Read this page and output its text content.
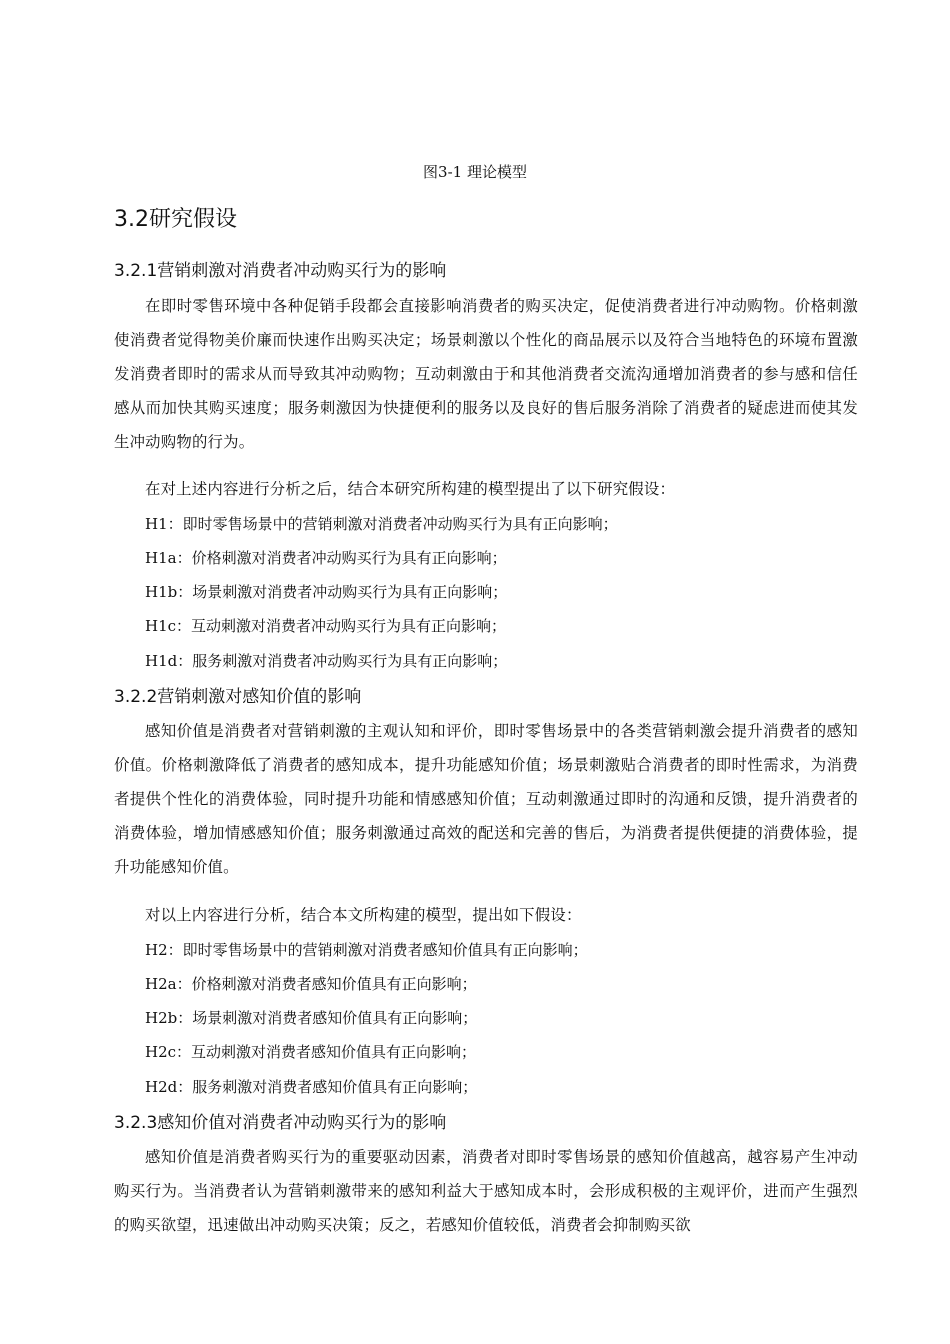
图3-1 理论模型
3.2研究假设
3.2.1营销刺激对消费者冲动购买行为的影响
在即时零售环境中各种促销手段都会直接影响消费者的购买决定，促使消费者进行冲动购物。价格刺激使消费者觉得物美价廉而快速作出购买决定；场景刺激以个性化的商品展示以及符合当地特色的环境布置激发消费者即时的需求从而导致其冲动购物；互动刺激由于和其他消费者交流沟通增加消费者的参与感和信任感从而加快其购买速度；服务刺激因为快捷便利的服务以及良好的售后服务消除了消费者的疑虑进而使其发生冲动购物的行为。
在对上述内容进行分析之后，结合本研究所构建的模型提出了以下研究假设：
H1：即时零售场景中的营销刺激对消费者冲动购买行为具有正向影响；
H1a：价格刺激对消费者冲动购买行为具有正向影响；
H1b：场景刺激对消费者冲动购买行为具有正向影响；
H1c：互动刺激对消费者冲动购买行为具有正向影响；
H1d：服务刺激对消费者冲动购买行为具有正向影响；
3.2.2营销刺激对感知价值的影响
感知价值是消费者对营销刺激的主观认知和评价，即时零售场景中的各类营销刺激会提升消费者的感知价值。价格刺激降低了消费者的感知成本，提升功能感知价值；场景刺激贴合消费者的即时性需求，为消费者提供个性化的消费体验，同时提升功能和情感感知价值；互动刺激通过即时的沟通和反馈，提升消费者的消费体验，增加情感感知价值；服务刺激通过高效的配送和完善的售后，为消费者提供便捷的消费体验，提升功能感知价值。
对以上内容进行分析，结合本文所构建的模型，提出如下假设：
H2：即时零售场景中的营销刺激对消费者感知价值具有正向影响；
H2a：价格刺激对消费者感知价值具有正向影响；
H2b：场景刺激对消费者感知价值具有正向影响；
H2c：互动刺激对消费者感知价值具有正向影响；
H2d：服务刺激对消费者感知价值具有正向影响；
3.2.3感知价值对消费者冲动购买行为的影响
感知价值是消费者购买行为的重要驱动因素，消费者对即时零售场景的感知价值越高，越容易产生冲动购买行为。当消费者认为营销刺激带来的感知利益大于感知成本时，会形成积极的主观评价，进而产生强烈的购买欲望，迅速做出冲动购买决策；反之，若感知价值较低，消费者会抑制购买欲
